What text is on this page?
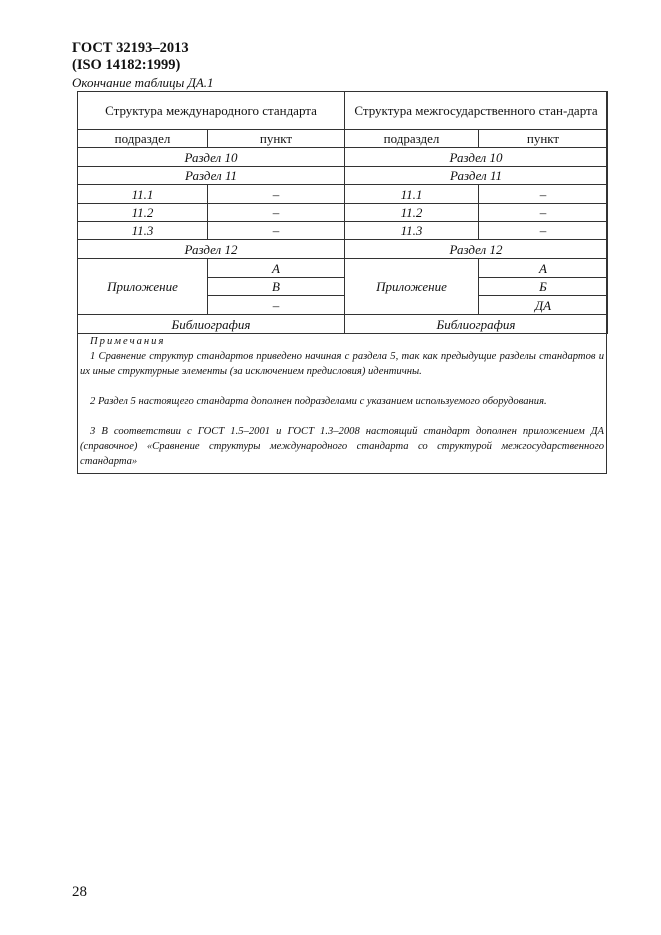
ГОСТ 32193–2013
(ISO 14182:1999)
Окончание таблицы ДА.1
Структура международного стандарта		Структура межгосударственного стан-дарта	
подраздел	пункт	подраздел	пункт
Раздел 10		Раздел 10	
Раздел 11		Раздел 11	
11.1	–	11.1	–
11.2	–	11.2	–
11.3	–	11.3	–
Раздел 12		Раздел 12	
Приложение	A	Приложение	А
	B		Б
	–		ДА
Библиография		Библиография	
Примечания
1 Сравнение структур стандартов приведено начиная с раздела 5, так как предыдущие разделы стандартов и их иные структурные элементы (за исключением предисловия) идентичны.
2 Раздел 5 настоящего стандарта дополнен подразделами с указанием используемого оборудования.
3 В соответствии с ГОСТ 1.5–2001 и ГОСТ 1.3–2008 настоящий стандарт дополнен приложением ДА (справочное) «Сравнение структуры международного стандарта со структурой межгосударственного стандарта»
28
